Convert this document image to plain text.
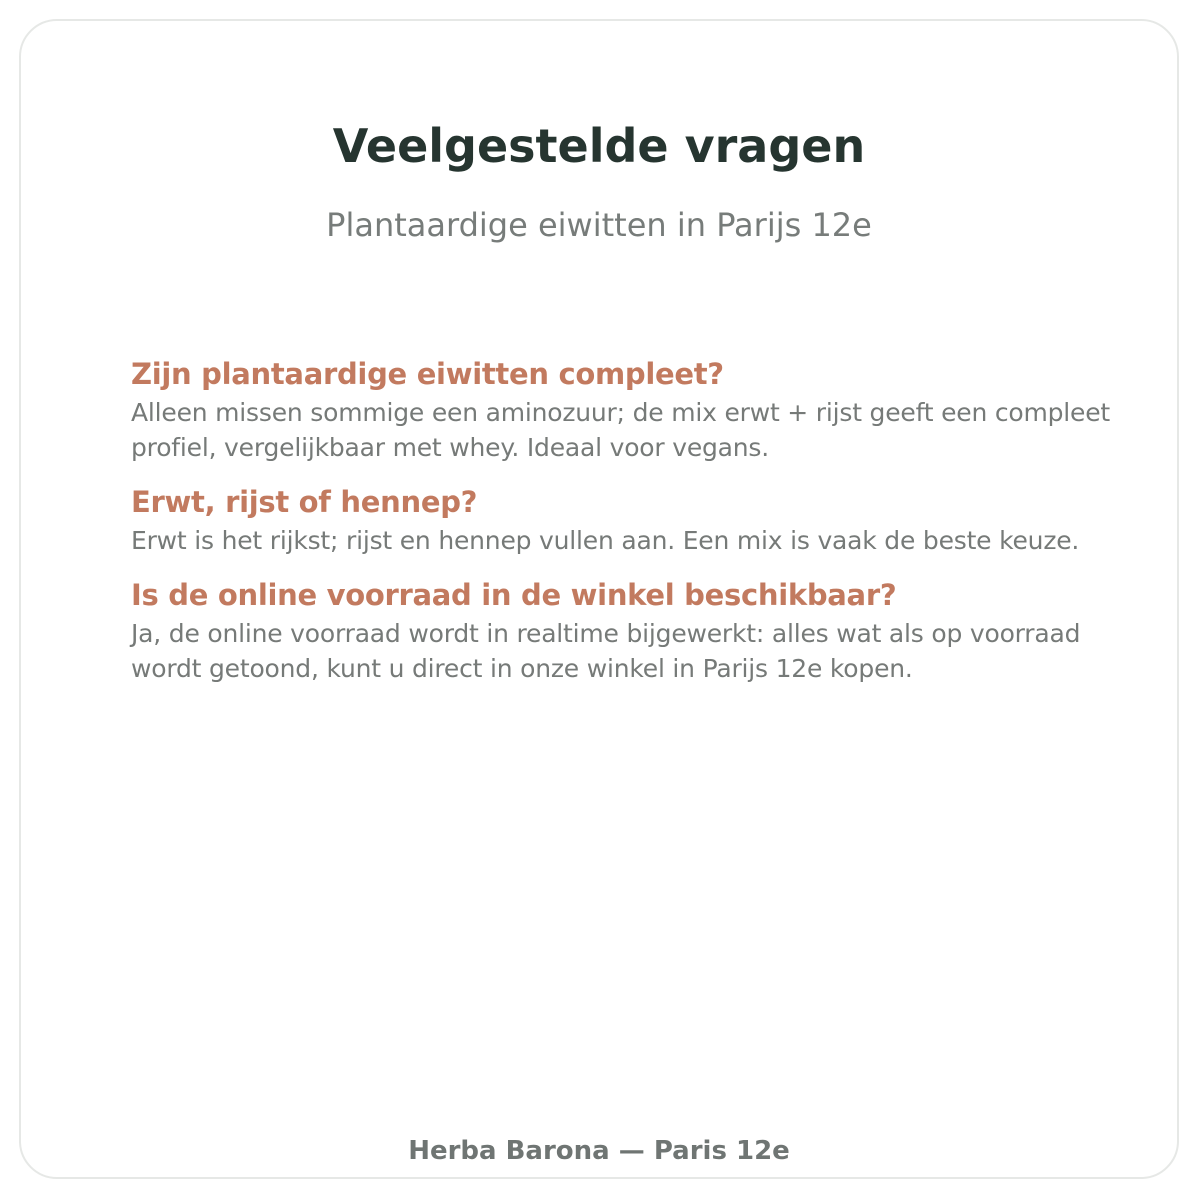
Veelgestelde vragen

Plantaardige eiwitten in Parijs 12e

Zijn plantaardige eiwitten compleet?

Alleen missen sommige een aminozuur; de mix erwt + rijst geeft een compleet profiel, vergelijkbaar met whey. Ideaal voor vegans.

Erwt, rijst of hennep?

Erwt is het rijkst; rijst en hennep vullen aan. Een mix is vaak de beste keuze.

Is de online voorraad in de winkel beschikbaar?

Ja, de online voorraad wordt in realtime bijgewerkt: alles wat als op voorraad wordt getoond, kunt u direct in onze winkel in Parijs 12e kopen.

Herba Barona — Paris 12e
